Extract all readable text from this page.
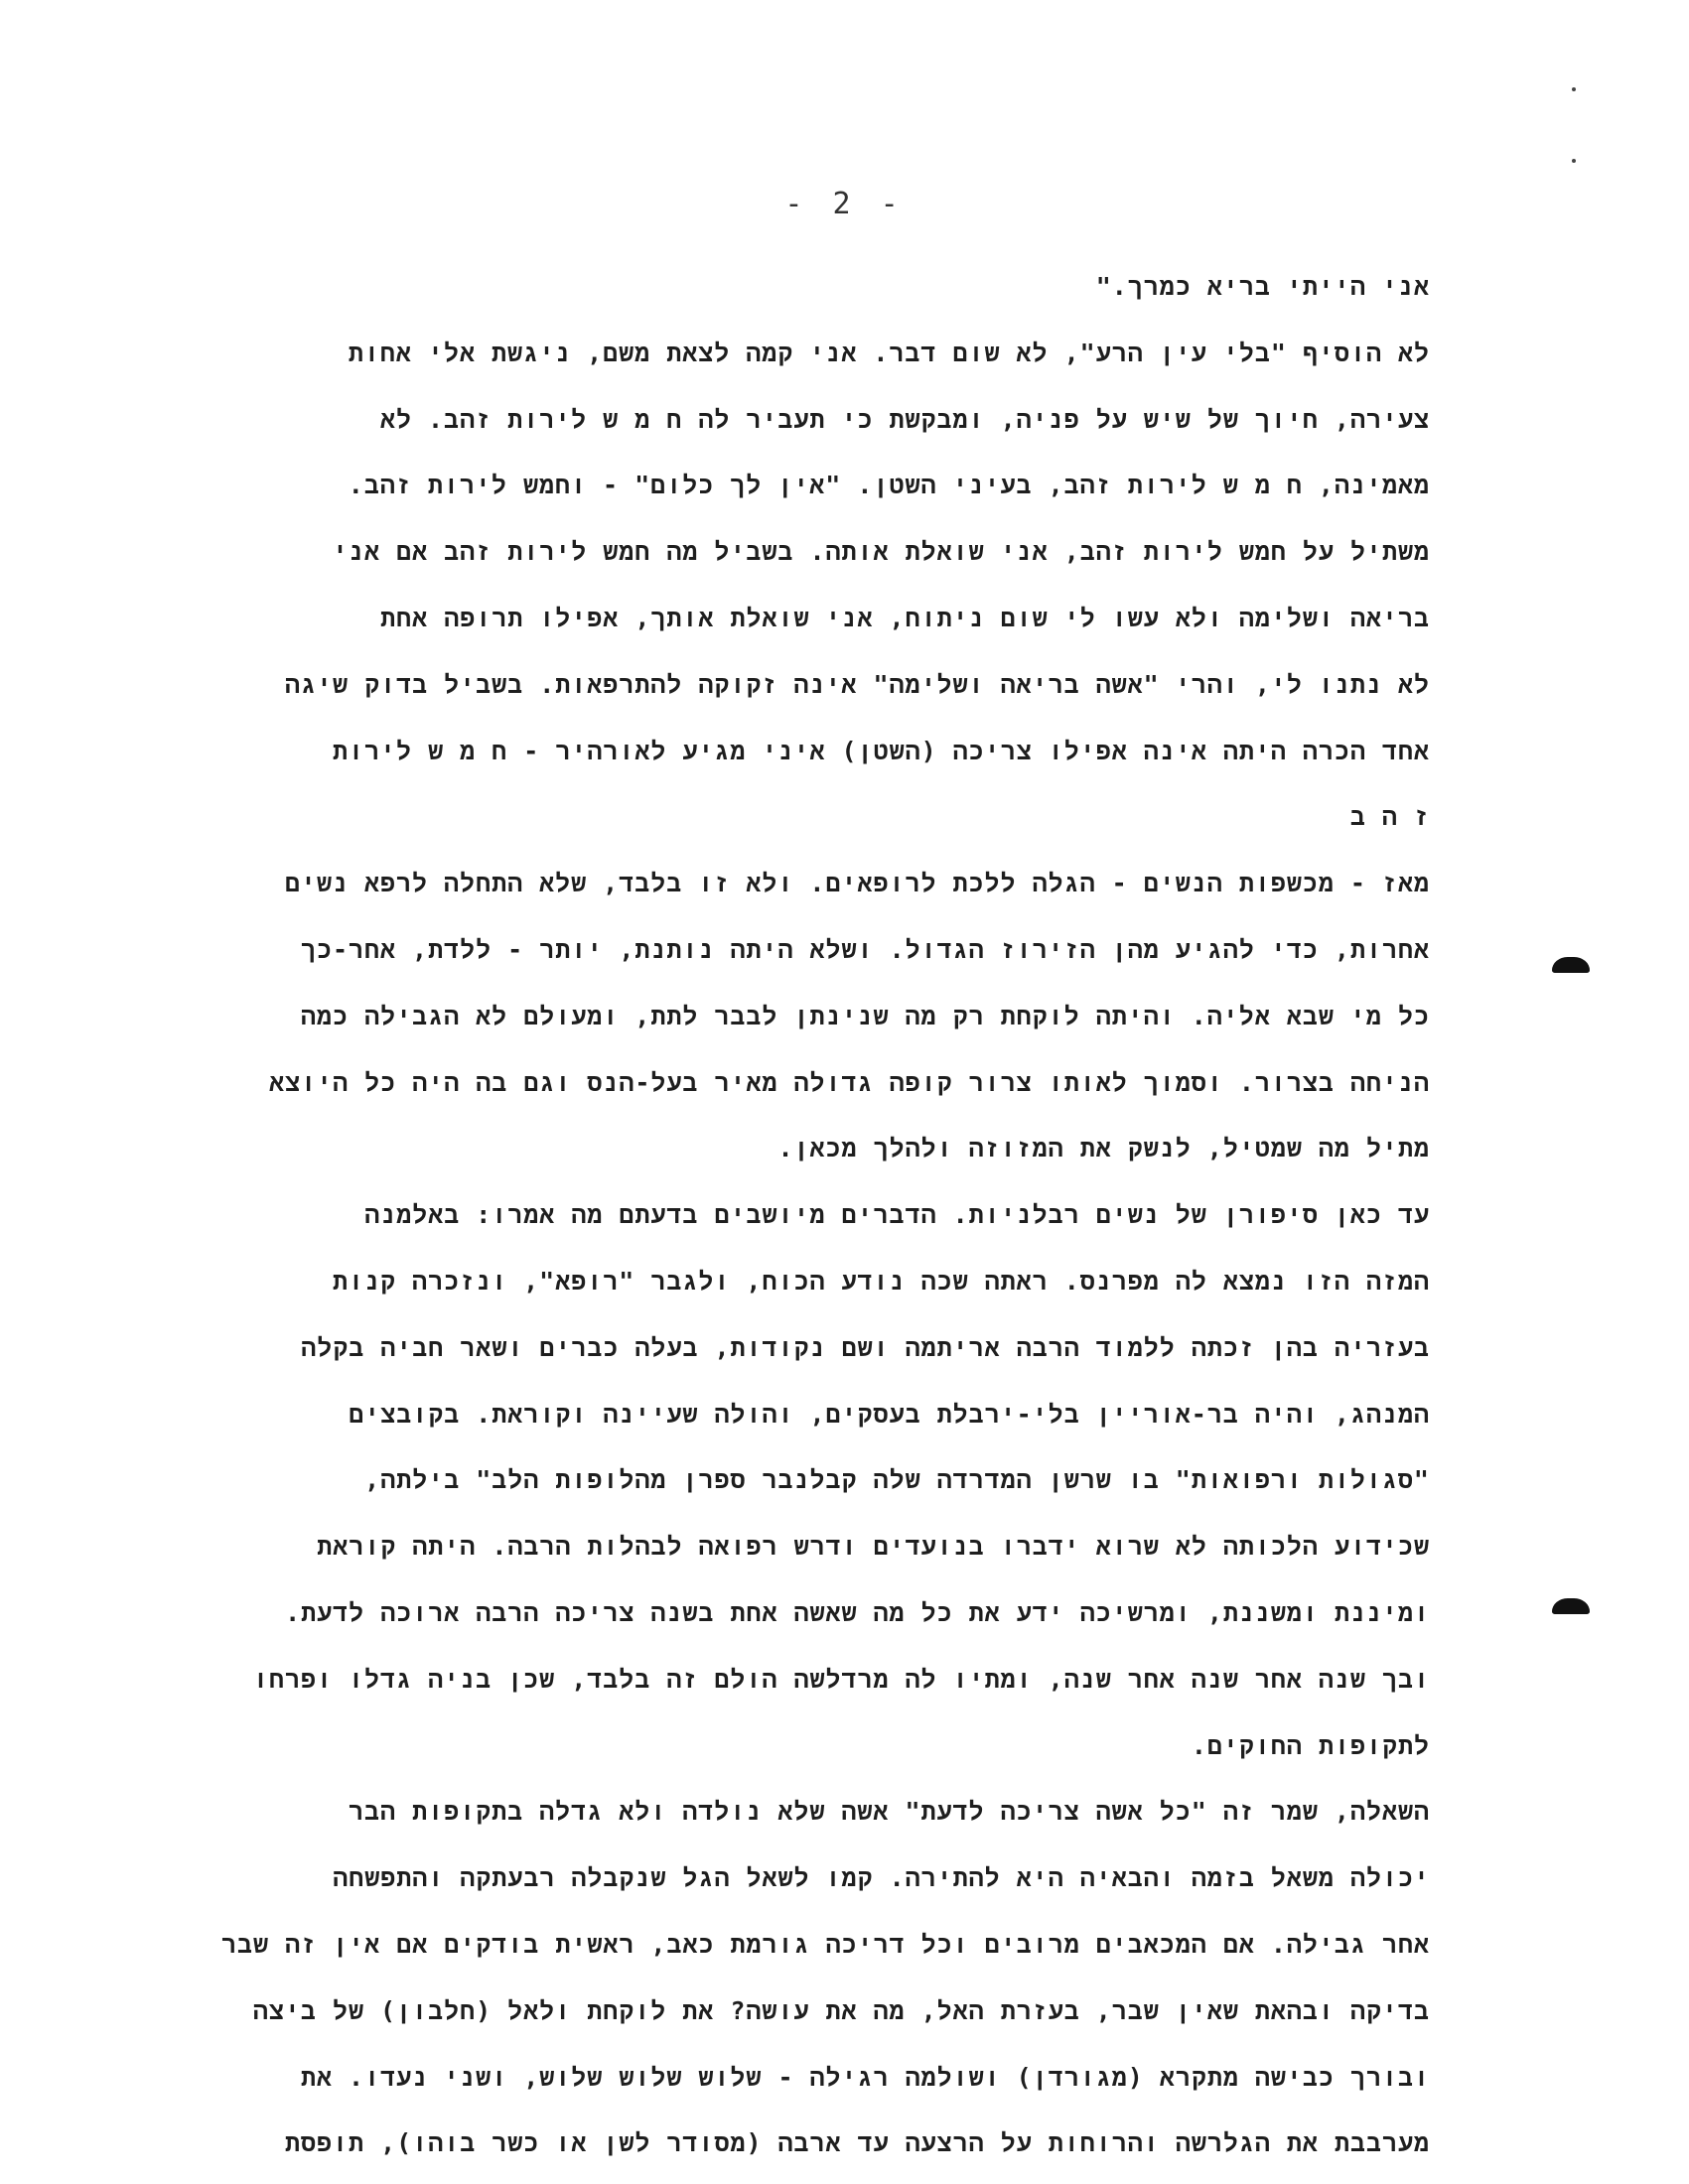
- 2 -
אני הייתי בריא כמרך."
לא הוסיף "בלי עין הרע", לא שום דבר. אני קמה לצאת משם, ניגשת אלי אחות
צעירה, חיוך של שיש על פניה, ומבקשת כי תעביר לה ח מ ש לירות זהב. לא
מאמינה, ח מ ש לירות זהב, בעיני השטן. "אין לך כלום" - וחמש לירות זהב.
משתיל על חמש לירות זהב, אני שואלת אותה. בשביל מה חמש לירות זהב אם אני
בריאה ושלימה ולא עשו לי שום ניתוח, אני שואלת אותך, אפילו תרופה אחת
לא נתנו לי, והרי "אשה בריאה ושלימה" אינה זקוקה להתרפאות. בשביל בדוק שיגה
אחד הכרה היתה אינה אפילו צריכה (השטן) איני מגיע לאורהיר - ח מ ש לירות
ז ה ב
מאז - מכשפות הנשים - הגלה ללכת לרופאים. ולא זו בלבד, שלא התחלה לרפא נשים
אחרות, כדי להגיע מהן הזירוז הגדול. ושלא היתה נותנת, יותר - ללדת, אחר-כך
כל מי שבא אליה. והיתה לוקחת רק מה שנינתן לבבר לתת, ומעולם לא הגבילה כמה
הניחה בצרור. וסמוך לאותו צרור קופה גדולה מאיר בעל-הנס וגם בה היה כל היוצא
מתיל מה שמטיל, לנשק את המזוזה ולהלך מכאן.
עד כאן סיפורן של נשים רבלניות. הדברים מיושבים בדעתם מה אמרו: באלמנה
המזה הזו נמצא לה מפרנס. ראתה שכה נודע הכוח, ולגבר "רופא", ונזכרה קנות
בעזריה בהן זכתה ללמוד הרבה אריתמה ושם נקודות, בעלה כברים ושאר חביה בקלה
המנהג, והיה בר-אוריין בלי-ירבלת בעסקים, והולה שעיינה וקוראת. בקובצים
"סגולות ורפואות" בו שרשן המדרדה שלה קבלנבר ספרן מהלופות הלב" בילתה,
שכידוע הלכותה לא שרוא ידברו בנועדים ודרש רפואה לבהלות הרבה. היתה קוראת
ומיננת ומשננת, ומרשיכה ידע את כל מה שאשה אחת בשנה צריכה הרבה ארוכה לדעת.
ובך שנה אחר שנה אחר שנה, ומתיו לה מרדלשה הולם זה בלבד, שכן בניה גדלו ופרחו
לתקופות החוקים.
השאלה, שמר זה "כל אשה צריכה לדעת" אשה שלא נולדה ולא גדלה בתקופות הבר
יכולה משאל בזמה והבאיה היא להתירה. קמו לשאל הגל שנקבלה רבעתקה והתפשחה
אחר גבילה. אם המכאבים מרובים וכל דריכה גורמת כאב, ראשית בודקים אם אין זה שבר
בדיקה ובהאת שאין שבר, בעזרת האל, מה את עושה? את לוקחת ולאל (חלבון) של ביצה
ובורך כבישה מתקרא (מגורדן) ושולמה רגילה - שלוש שלוש שלוש, ושני נעדו. את
מערבבת את הגלרשה והרוחות על הרצעה עד ארבה (מסודר לשן או כשר בוהו), תופסת
